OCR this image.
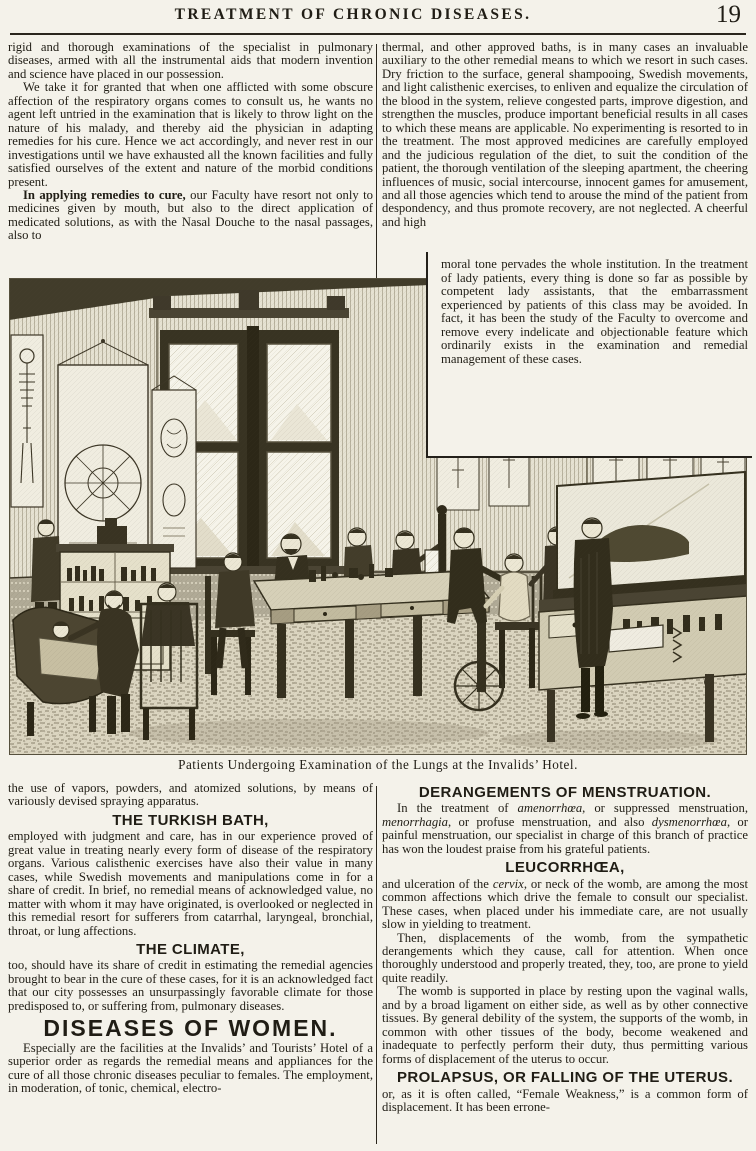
TREATMENT OF CHRONIC DISEASES.	19

rigid and thorough examinations of the specialist in pulmonary diseases, armed with all the instrumental aids that modern invention and science have placed in our possession.

We take it for granted that when one afflicted with some obscure affection of the respiratory organs comes to consult us, he wants no agent left untried in the examination that is likely to throw light on the nature of his malady, and thereby aid the physician in adapting remedies for his cure. Hence we act accordingly, and never rest in our investigations until we have exhausted all the known facilities and fully satisfied ourselves of the extent and nature of the morbid conditions present.

In applying remedies to cure, our Faculty have resort not only to medicines given by mouth, but also to the direct application of medicated solutions, as with the Nasal Douche to the nasal passages, also to

thermal, and other approved baths, is in many cases an invaluable auxiliary to the other remedial means to which we resort in such cases. Dry friction to the surface, general shampooing, Swedish movements, and light calisthenic exercises, to enliven and equalize the circulation of the blood in the system, relieve congested parts, improve digestion, and strengthen the muscles, produce important beneficial results in all cases to which these means are applicable. No experimenting is resorted to in the treatment. The most approved medicines are carefully employed and the judicious regulation of the diet, to suit the condition of the patient, the thorough ventilation of the sleeping apartment, the cheering influences of music, social intercourse, innocent games for amusement, and all those agencies which tend to arouse the mind of the patient from despondency, and thus promote recovery, are not neglected. A cheerful and high

moral tone pervades the whole institution. In the treatment of lady patients, every thing is done so far as possible by competent lady assistants, that the embarrassment experienced by patients of this class may be avoided. In fact, it has been the study of the Faculty to overcome and remove every indelicate and objectionable feature which ordinarily exists in the examination and remedial management of these cases.

Patients Undergoing Examination of the Lungs at the Invalids’ Hotel.

the use of vapors, powders, and atomized solutions, by means of variously devised spraying apparatus.

THE TURKISH BATH,

employed with judgment and care, has in our experience proved of great value in treating nearly every form of disease of the respiratory organs. Various calisthenic exercises have also their value in many cases, while Swedish movements and manipulations come in for a share of credit. In brief, no remedial means of acknowledged value, no matter with whom it may have originated, is overlooked or neglected in this remedial resort for sufferers from catarrhal, laryngeal, bronchial, throat, or lung affections.

THE CLIMATE,

too, should have its share of credit in estimating the remedial agencies brought to bear in the cure of these cases, for it is an acknowledged fact that our city possesses an unsurpassingly favorable climate for those predisposed to, or suffering from, pulmonary diseases.

DISEASES OF WOMEN.

Especially are the facilities at the Invalids’ and Tourists’ Hotel of a superior order as regards the remedial means and appliances for the cure of all those chronic diseases peculiar to females. The employment, in moderation, of tonic, chemical, electro-

DERANGEMENTS OF MENSTRUATION.

In the treatment of amenorrhœa, or suppressed menstruation, menorrhagia, or profuse menstruation, and also dysmenorrhœa, or painful menstruation, our specialist in charge of this branch of practice has won the loudest praise from his grateful patients.

LEUCORRHŒA,

and ulceration of the cervix, or neck of the womb, are among the most common affections which drive the female to consult our specialist. These cases, when placed under his immediate care, are not usually slow in yielding to treatment.

Then, displacements of the womb, from the sympathetic derangements which they cause, call for attention. When once thoroughly understood and properly treated, they, too, are prone to yield quite readily.

The womb is supported in place by resting upon the vaginal walls, and by a broad ligament on either side, as well as by other connective tissues. By general debility of the system, the supports of the womb, in common with other tissues of the body, become weakened and inadequate to perfectly perform their duty, thus permitting various forms of displacement of the uterus to occur.

PROLAPSUS, OR FALLING OF THE UTERUS.

or, as it is often called, “Female Weakness,” is a common form of displacement. It has been errone-
